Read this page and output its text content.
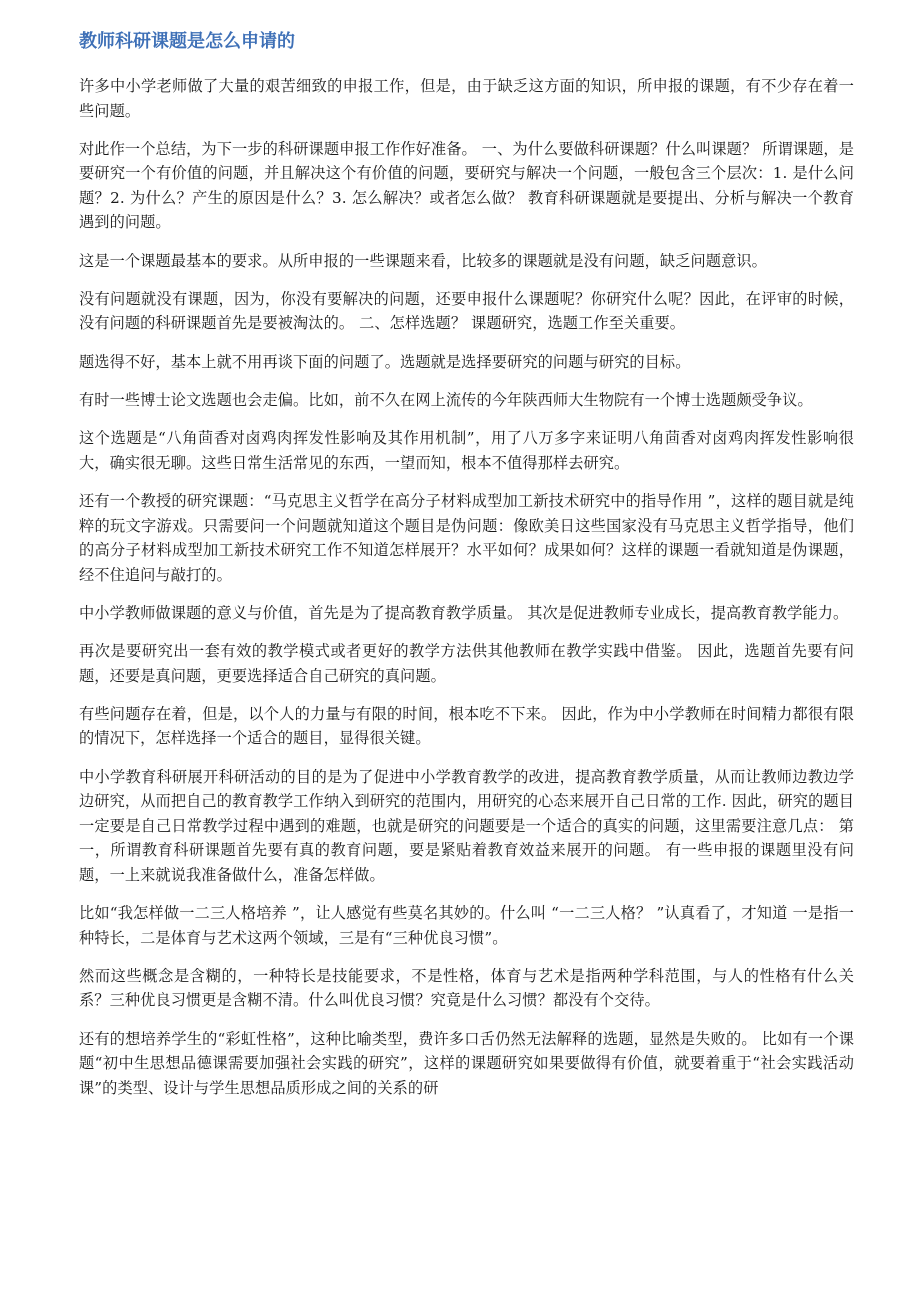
教师科研课题是怎么申请的

许多中小学老师做了大量的艰苦细致的申报工作，但是，由于缺乏这方面的知识，所申报的课题，有不少存在着一些问题。

对此作一个总结，为下一步的科研课题申报工作作好准备。 一、为什么要做科研课题？什么叫课题？ 所谓课题，是要研究一个有价值的问题，并且解决这个有价值的问题，要研究与解决一个问题，一般包含三个层次：1. 是什么问题？2. 为什么？产生的原因是什么？3. 怎么解决？或者怎么做？ 教育科研课题就是要提出、分析与解决一个教育遇到的问题。

这是一个课题最基本的要求。从所申报的一些课题来看，比较多的课题就是没有问题，缺乏问题意识。

没有问题就没有课题，因为，你没有要解决的问题，还要申报什么课题呢？你研究什么呢？因此，在评审的时候，没有问题的科研课题首先是要被淘汰的。 二、怎样选题？ 课题研究，选题工作至关重要。

题选得不好，基本上就不用再谈下面的问题了。选题就是选择要研究的问题与研究的目标。

有时一些博士论文选题也会走偏。比如，前不久在网上流传的今年陕西师大生物院有一个博士选题颇受争议。

这个选题是“八角茴香对卤鸡肉挥发性影响及其作用机制”，用了八万多字来证明八角茴香对卤鸡肉挥发性影响很大，确实很无聊。这些日常生活常见的东西，一望而知，根本不值得那样去研究。

还有一个教授的研究课题：“马克思主义哲学在高分子材料成型加工新技术研究中的指导作用 ”，这样的题目就是纯粹的玩文字游戏。只需要问一个问题就知道这个题目是伪问题：像欧美日这些国家没有马克思主义哲学指导，他们的高分子材料成型加工新技术研究工作不知道怎样展开？水平如何？成果如何？这样的课题一看就知道是伪课题，经不住追问与敲打的。

中小学教师做课题的意义与价值，首先是为了提高教育教学质量。 其次是促进教师专业成长，提高教育教学能力。

再次是要研究出一套有效的教学模式或者更好的教学方法供其他教师在教学实践中借鉴。 因此，选题首先要有问题，还要是真问题，更要选择适合自己研究的真问题。

有些问题存在着，但是，以个人的力量与有限的时间，根本吃不下来。 因此，作为中小学教师在时间精力都很有限的情况下，怎样选择一个适合的题目，显得很关键。

中小学教育科研展开科研活动的目的是为了促进中小学教育教学的改进，提高教育教学质量，从而让教师边教边学边研究，从而把自己的教育教学工作纳入到研究的范围内，用研究的心态来展开自己日常的工作. 因此，研究的题目一定要是自己日常教学过程中遇到的难题，也就是研究的问题要是一个适合的真实的问题，这里需要注意几点： 第一，所谓教育科研课题首先要有真的教育问题，要是紧贴着教育效益来展开的问题。 有一些申报的课题里没有问题，一上来就说我准备做什么，准备怎样做。

比如“我怎样做一二三人格培养 ”，让人感觉有些莫名其妙的。什么叫 “一二三人格？ ”认真看了，才知道 一是指一种特长，二是体育与艺术这两个领域，三是有“三种优良习惯”。

然而这些概念是含糊的，一种特长是技能要求，不是性格，体育与艺术是指两种学科范围，与人的性格有什么关系？三种优良习惯更是含糊不清。什么叫优良习惯？究竟是什么习惯？都没有个交待。

还有的想培养学生的“彩虹性格”，这种比喻类型，费许多口舌仍然无法解释的选题，显然是失败的。 比如有一个课题“初中生思想品德课需要加强社会实践的研究”，这样的课题研究如果要做得有价值，就要着重于“社会实践活动课”的类型、设计与学生思想品质形成之间的关系的研
